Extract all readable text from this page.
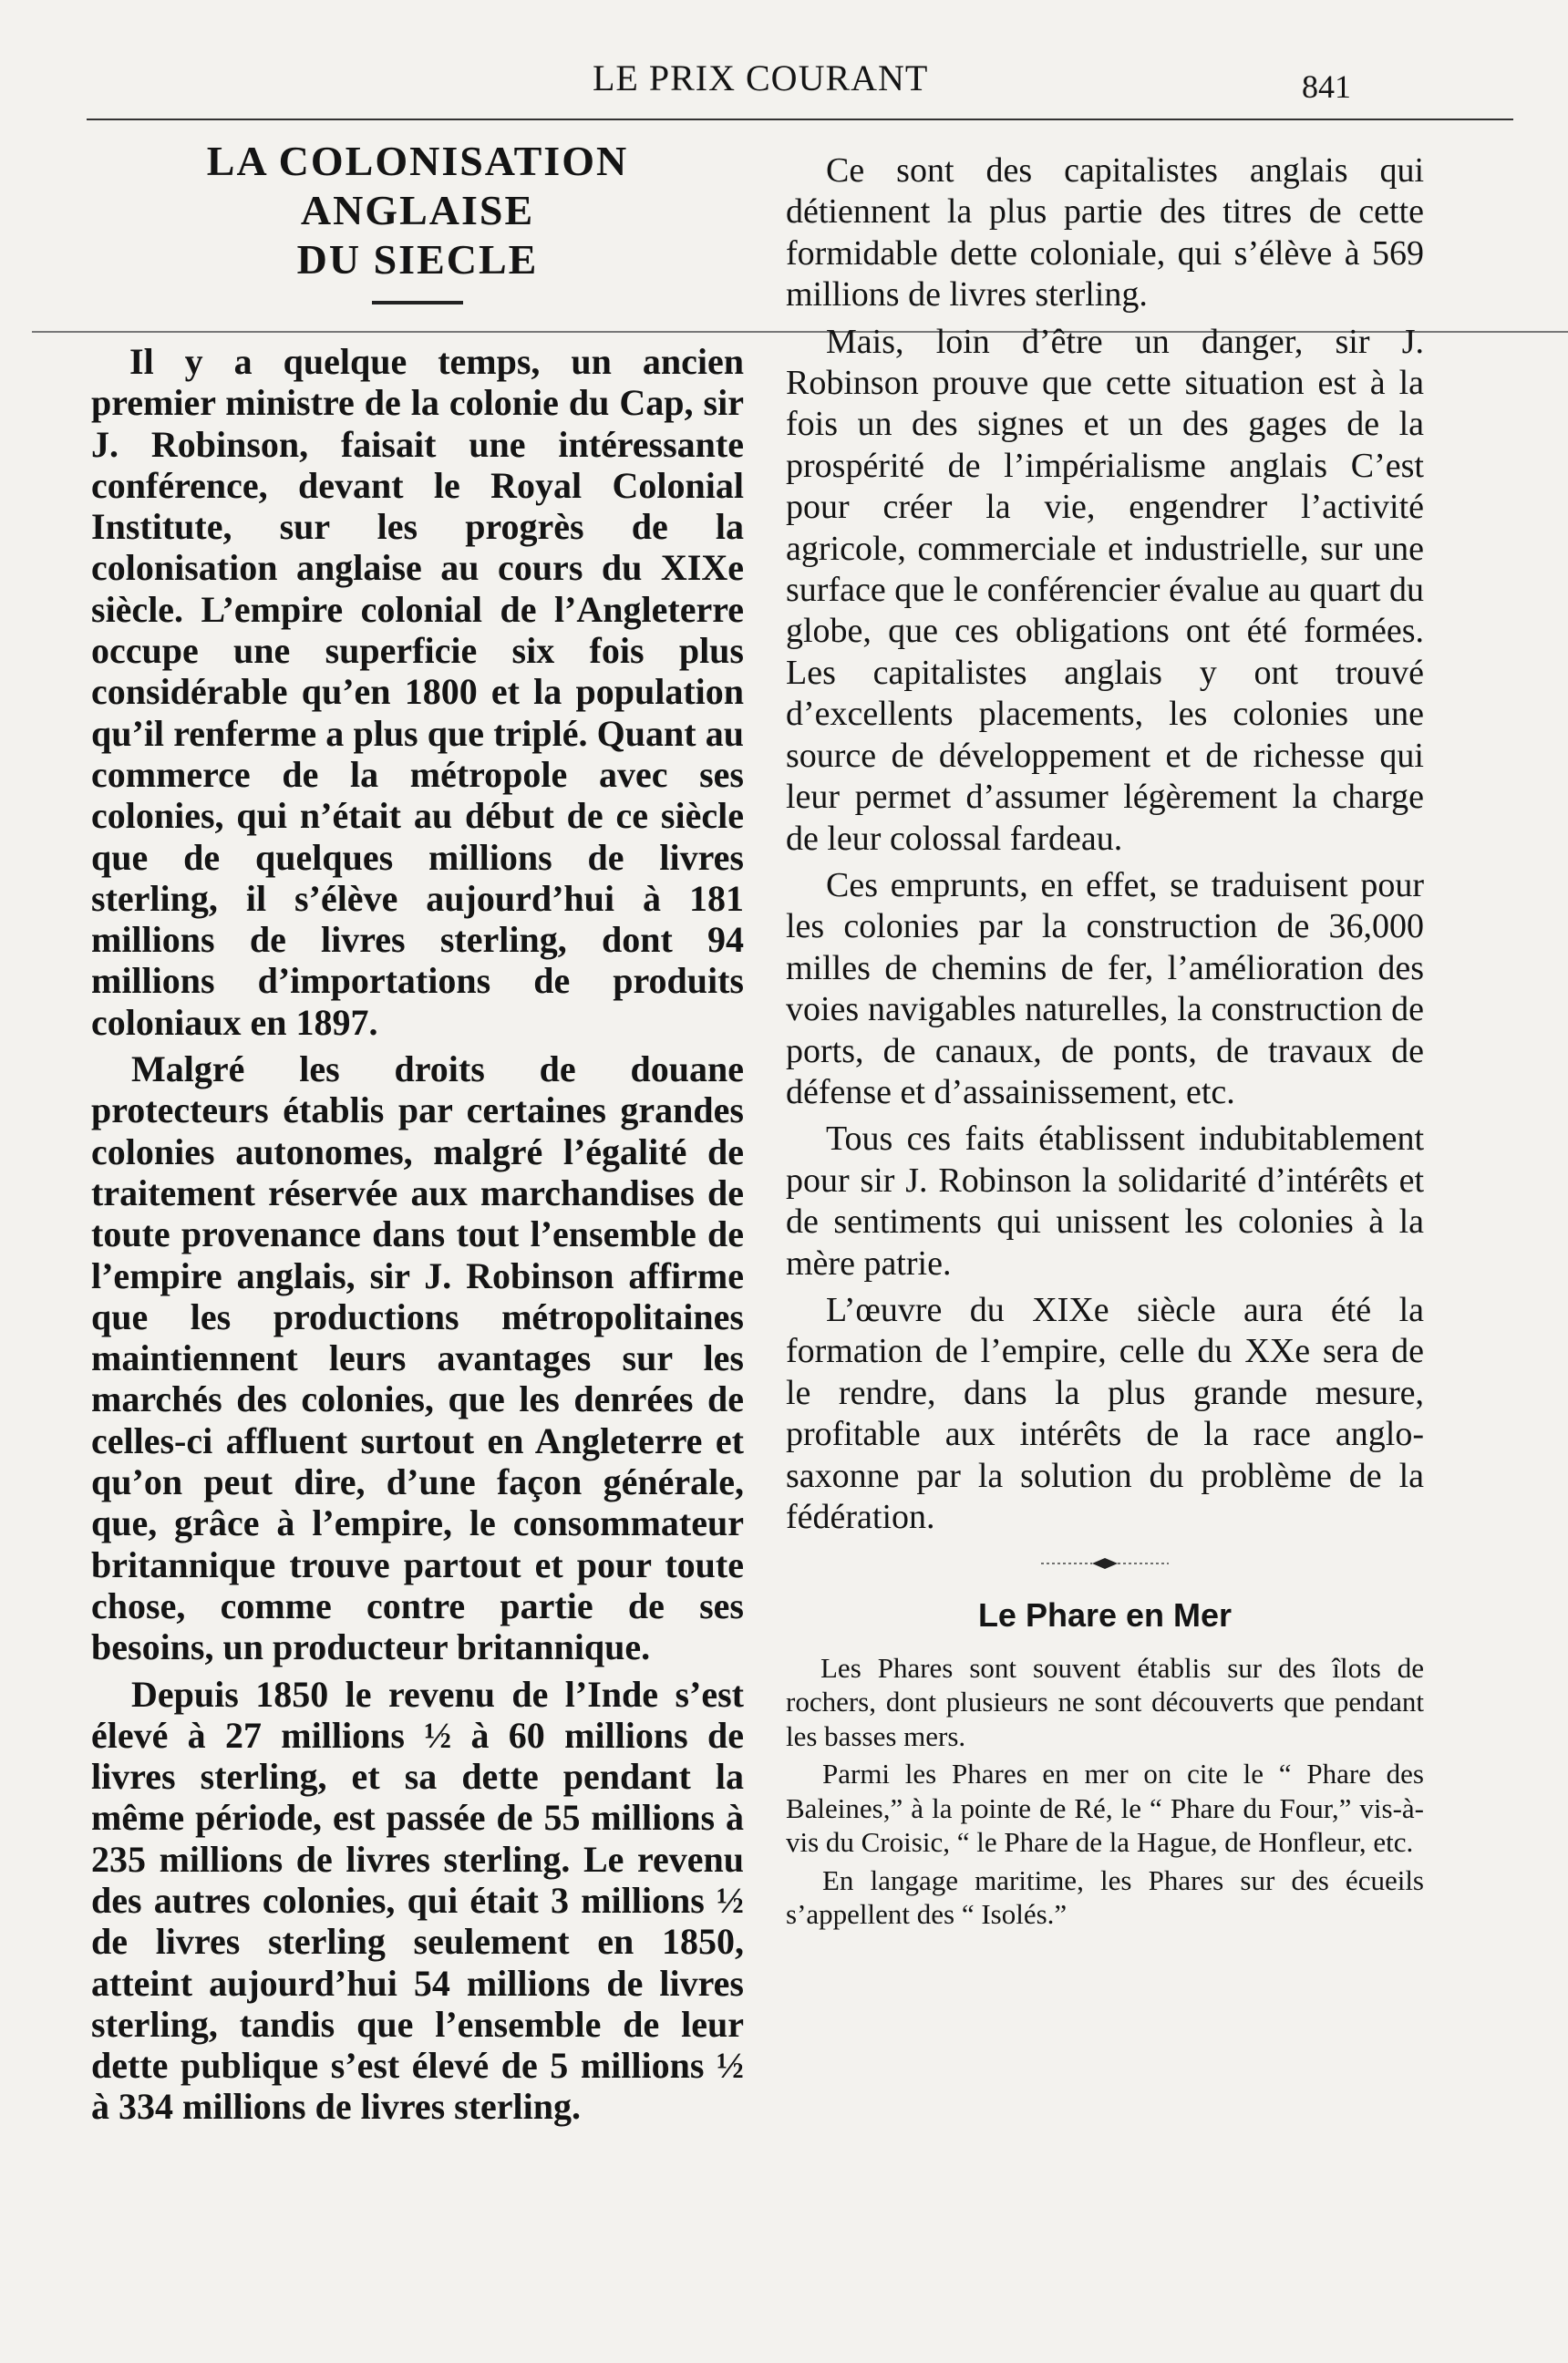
LE PRIX COURANT	841
LA COLONISATION ANGLAISE
DU SIECLE

Il y a quelque temps, un ancien premier ministre de la colonie du Cap, sir J. Robinson, faisait une intéressante conférence, devant le Royal Colonial Institute, sur les progrès de la colonisation anglaise au cours du XIXe siècle. L’empire colonial de l’Angleterre occupe une superficie six fois plus considérable qu’en 1800 et la population qu’il renferme a plus que triplé. Quant au commerce de la métropole avec ses colonies, qui n’était au début de ce siècle que de quelques millions de livres sterling, il s’élève aujourd’hui à 181 millions de livres sterling, dont 94 millions d’importations de produits coloniaux en 1897.

Malgré les droits de douane protecteurs établis par certaines grandes colonies autonomes, malgré l’égalité de traitement réservée aux marchandises de toute provenance dans tout l’ensemble de l’empire anglais, sir J. Robinson affirme que les productions métropolitaines maintiennent leurs avantages sur les marchés des colonies, que les denrées de celles-ci affluent surtout en Angleterre et qu’on peut dire, d’une façon générale, que, grâce à l’empire, le consommateur britannique trouve partout et pour toute chose, comme contre partie de ses besoins, un producteur britannique.

Depuis 1850 le revenu de l’Inde s’est élevé à 27 millions ½ à 60 millions de livres sterling, et sa dette pendant la même période, est passée de 55 millions à 235 millions de livres sterling. Le revenu des autres colonies, qui était 3 millions ½ de livres sterling seulement en 1850, atteint aujourd’hui 54 millions de livres sterling, tandis que l’ensemble de leur dette publique s’est élevé de 5 millions ½ à 334 millions de livres sterling.

Ce sont des capitalistes anglais qui détiennent la plus partie des titres de cette formidable dette coloniale, qui s’élève à 569 millions de livres sterling.

Mais, loin d’être un danger, sir J. Robinson prouve que cette situation est à la fois un des signes et un des gages de la prospérité de l’impérialisme anglais C’est pour créer la vie, engendrer l’activité agricole, commerciale et industrielle, sur une surface que le conférencier évalue au quart du globe, que ces obligations ont été formées. Les capitalistes anglais y ont trouvé d’excellents placements, les colonies une source de développement et de richesse qui leur permet d’assumer légèrement la charge de leur colossal fardeau.

Ces emprunts, en effet, se traduisent pour les colonies par la construction de 36,000 milles de chemins de fer, l’amélioration des voies navigables naturelles, la construction de ports, de canaux, de ponts, de travaux de défense et d’assainissement, etc.

Tous ces faits établissent indubitablement pour sir J. Robinson la solidarité d’intérêts et de sentiments qui unissent les colonies à la mère patrie.

L’œuvre du XIXe siècle aura été la formation de l’empire, celle du XXe sera de le rendre, dans la plus grande mesure, profitable aux intérêts de la race anglo-saxonne par la solution du problème de la fédération.

Le Phare en Mer

Les Phares sont souvent établis sur des îlots de rochers, dont plusieurs ne sont découverts que pendant les basses mers.

Parmi les Phares en mer on cite le “ Phare des Baleines,” à la pointe de Ré, le “ Phare du Four,” vis-à-vis du Croisic, “ le Phare de la Hague, de Honfleur, etc.

En langage maritime, les Phares sur des écueils s’appellent des “ Isolés.”
